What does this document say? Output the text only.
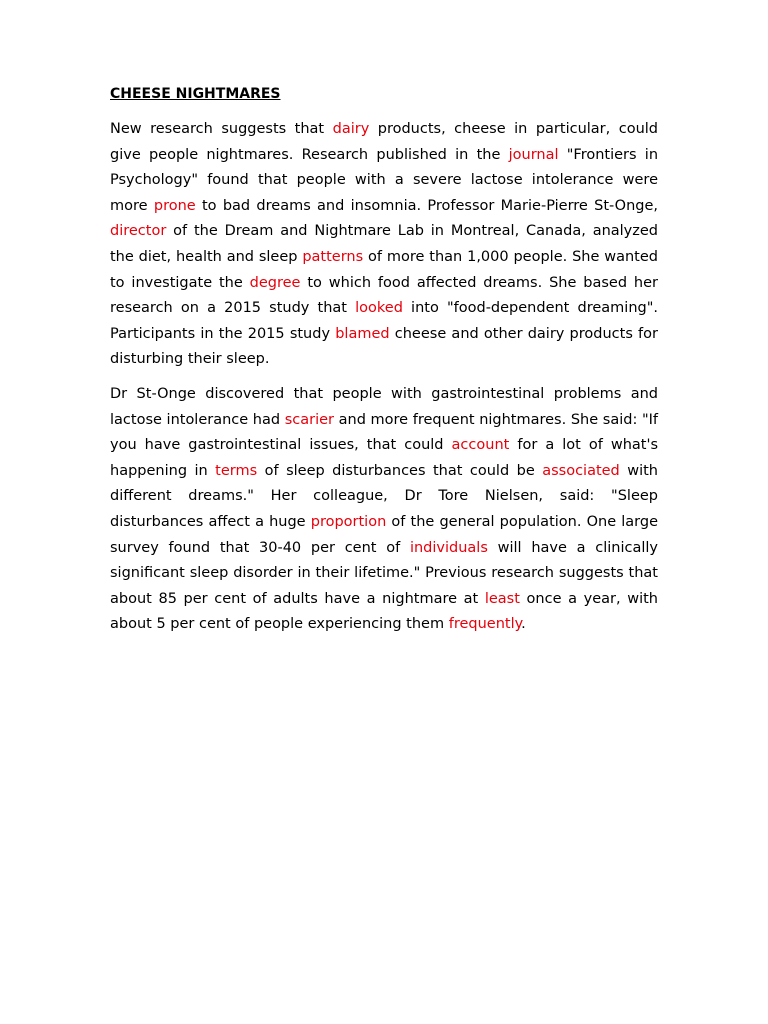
CHEESE NIGHTMARES

New research suggests that dairy products, cheese in particular, could give people nightmares. Research published in the journal "Frontiers in Psychology" found that people with a severe lactose intolerance were more prone to bad dreams and insomnia. Professor Marie-Pierre St-Onge, director of the Dream and Nightmare Lab in Montreal, Canada, analyzed the diet, health and sleep patterns of more than 1,000 people. She wanted to investigate the degree to which food affected dreams. She based her research on a 2015 study that looked into "food-dependent dreaming". Participants in the 2015 study blamed cheese and other dairy products for disturbing their sleep.

Dr St-Onge discovered that people with gastrointestinal problems and lactose intolerance had scarier and more frequent nightmares. She said: "If you have gastrointestinal issues, that could account for a lot of what's happening in terms of sleep disturbances that could be associated with different dreams." Her colleague, Dr Tore Nielsen, said: "Sleep disturbances affect a huge proportion of the general population. One large survey found that 30-40 per cent of individuals will have a clinically significant sleep disorder in their lifetime." Previous research suggests that about 85 per cent of adults have a nightmare at least once a year, with about 5 per cent of people experiencing them frequently.
